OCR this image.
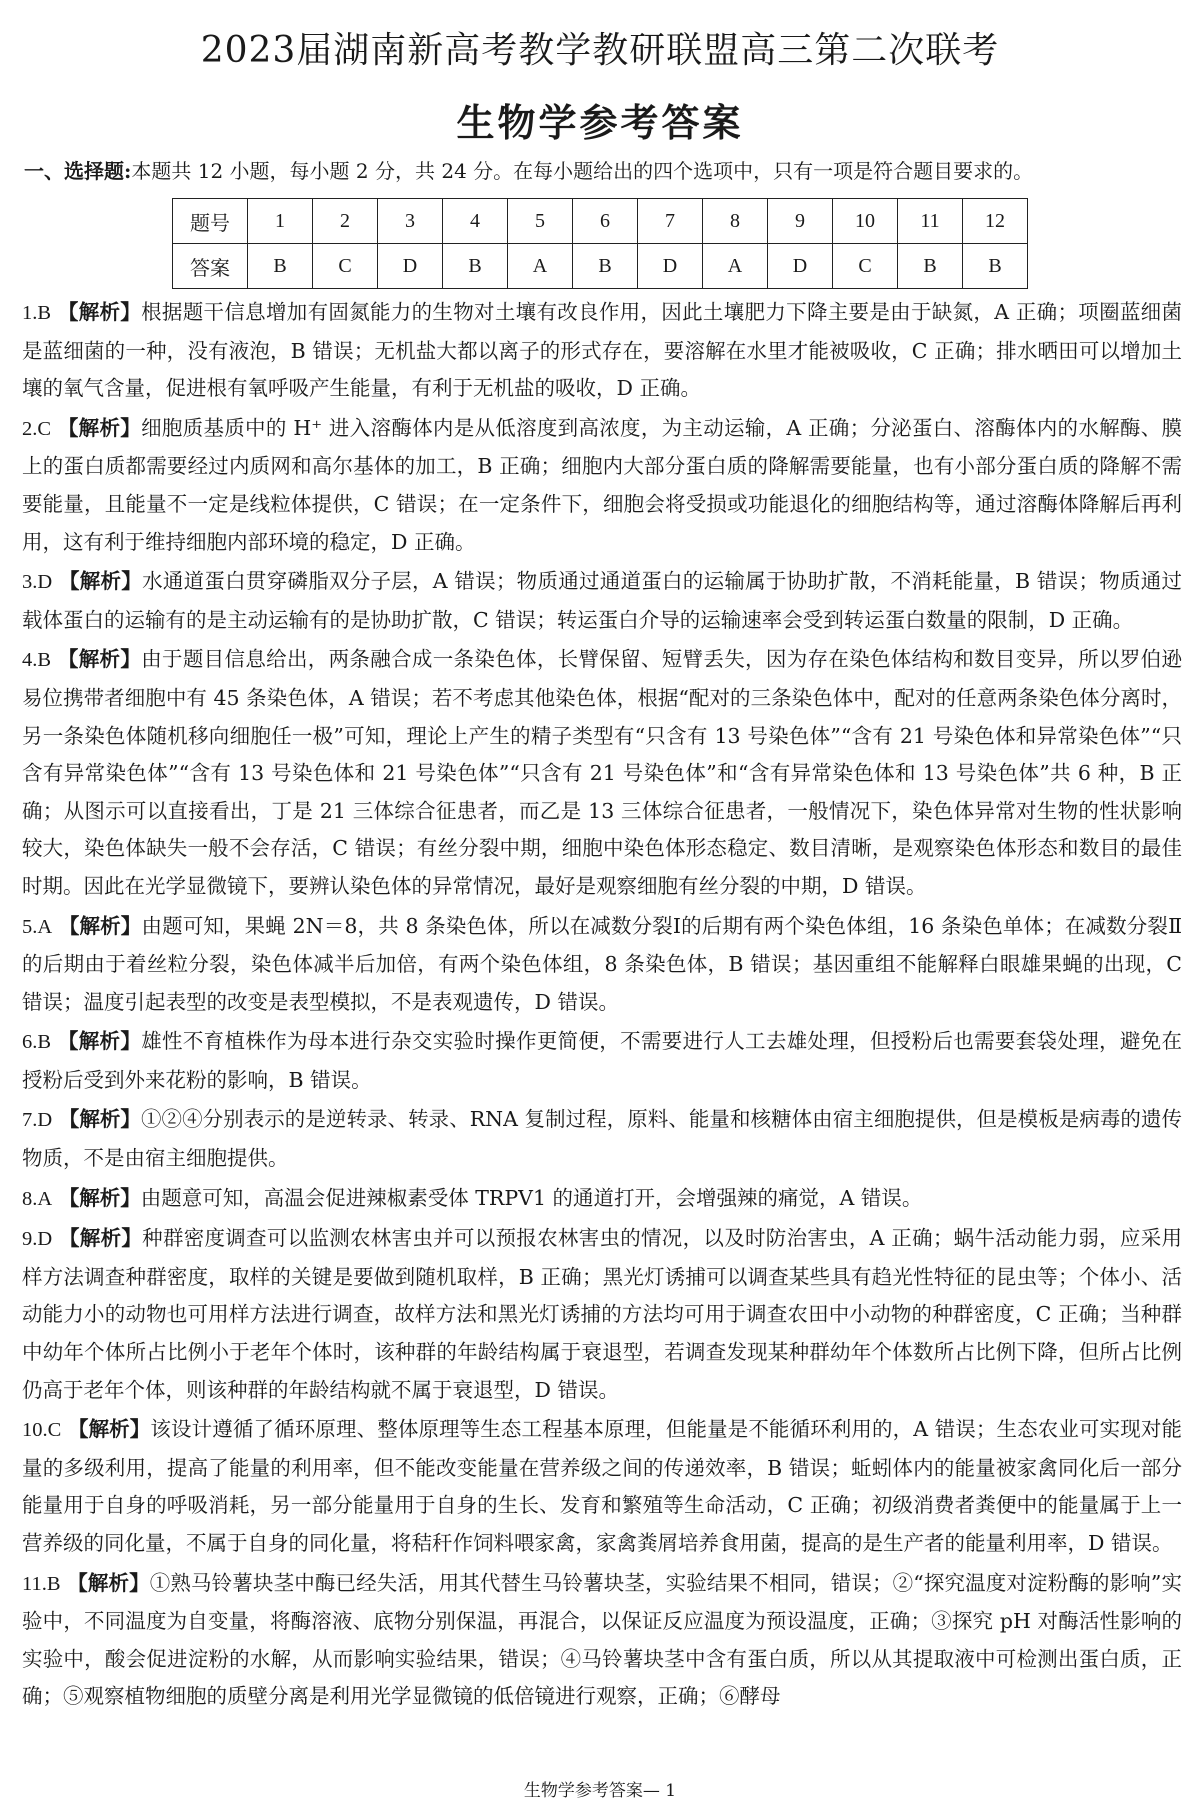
2023届湖南新高考教学教研联盟高三第二次联考
生物学参考答案
一、选择题:本题共 12 小题，每小题 2 分，共 24 分。在每小题给出的四个选项中，只有一项是符合题目要求的。
题号	1	2	3	4	5	6	7	8	9	10	11	12
答案	B	C	D	B	A	B	D	A	D	C	B	B
1.B 【解析】根据题干信息增加有固氮能力的生物对土壤有改良作用，因此土壤肥力下降主要是由于缺氮，A 正确；项圈蓝细菌是蓝细菌的一种，没有液泡，B 错误；无机盐大都以离子的形式存在，要溶解在水里才能被吸收，C 正确；排水晒田可以增加土壤的氧气含量，促进根有氧呼吸产生能量，有利于无机盐的吸收，D 正确。
2.C 【解析】细胞质基质中的 H⁺ 进入溶酶体内是从低溶度到高浓度，为主动运输，A 正确；分泌蛋白、溶酶体内的水解酶、膜上的蛋白质都需要经过内质网和高尔基体的加工，B 正确；细胞内大部分蛋白质的降解需要能量，也有小部分蛋白质的降解不需要能量，且能量不一定是线粒体提供，C 错误；在一定条件下，细胞会将受损或功能退化的细胞结构等，通过溶酶体降解后再利用，这有利于维持细胞内部环境的稳定，D 正确。
3.D 【解析】水通道蛋白贯穿磷脂双分子层，A 错误；物质通过通道蛋白的运输属于协助扩散，不消耗能量，B 错误；物质通过载体蛋白的运输有的是主动运输有的是协助扩散，C 错误；转运蛋白介导的运输速率会受到转运蛋白数量的限制，D 正确。
4.B 【解析】由于题目信息给出，两条融合成一条染色体，长臂保留、短臂丢失，因为存在染色体结构和数目变异，所以罗伯逊易位携带者细胞中有 45 条染色体，A 错误；若不考虑其他染色体，根据“配对的三条染色体中，配对的任意两条染色体分离时，另一条染色体随机移向细胞任一极”可知，理论上产生的精子类型有“只含有 13 号染色体”“含有 21 号染色体和异常染色体”“只含有异常染色体”“含有 13 号染色体和 21 号染色体”“只含有 21 号染色体”和“含有异常染色体和 13 号染色体”共 6 种，B 正确；从图示可以直接看出，丁是 21 三体综合征患者，而乙是 13 三体综合征患者，一般情况下，染色体异常对生物的性状影响较大，染色体缺失一般不会存活，C 错误；有丝分裂中期，细胞中染色体形态稳定、数目清晰，是观察染色体形态和数目的最佳时期。因此在光学显微镜下，要辨认染色体的异常情况，最好是观察细胞有丝分裂的中期，D 错误。
5.A 【解析】由题可知，果蝇 2N＝8，共 8 条染色体，所以在减数分裂Ⅰ的后期有两个染色体组，16 条染色单体；在减数分裂Ⅱ的后期由于着丝粒分裂，染色体减半后加倍，有两个染色体组，8 条染色体，B 错误；基因重组不能解释白眼雄果蝇的出现，C 错误；温度引起表型的改变是表型模拟，不是表观遗传，D 错误。
6.B 【解析】雄性不育植株作为母本进行杂交实验时操作更简便，不需要进行人工去雄处理，但授粉后也需要套袋处理，避免在授粉后受到外来花粉的影响，B 错误。
7.D 【解析】①②④分别表示的是逆转录、转录、RNA 复制过程，原料、能量和核糖体由宿主细胞提供，但是模板是病毒的遗传物质，不是由宿主细胞提供。
8.A 【解析】由题意可知，高温会促进辣椒素受体 TRPV1 的通道打开，会增强辣的痛觉，A 错误。
9.D 【解析】种群密度调查可以监测农林害虫并可以预报农林害虫的情况，以及时防治害虫，A 正确；蜗牛活动能力弱，应采用样方法调查种群密度，取样的关键是要做到随机取样，B 正确；黑光灯诱捕可以调查某些具有趋光性特征的昆虫等；个体小、活动能力小的动物也可用样方法进行调查，故样方法和黑光灯诱捕的方法均可用于调查农田中小动物的种群密度，C 正确；当种群中幼年个体所占比例小于老年个体时，该种群的年龄结构属于衰退型，若调查发现某种群幼年个体数所占比例下降，但所占比例仍高于老年个体，则该种群的年龄结构就不属于衰退型，D 错误。
10.C 【解析】该设计遵循了循环原理、整体原理等生态工程基本原理，但能量是不能循环利用的，A 错误；生态农业可实现对能量的多级利用，提高了能量的利用率，但不能改变能量在营养级之间的传递效率，B 错误；蚯蚓体内的能量被家禽同化后一部分能量用于自身的呼吸消耗，另一部分能量用于自身的生长、发育和繁殖等生命活动，C 正确；初级消费者粪便中的能量属于上一营养级的同化量，不属于自身的同化量，将秸秆作饲料喂家禽，家禽粪屑培养食用菌，提高的是生产者的能量利用率，D 错误。
11.B 【解析】①熟马铃薯块茎中酶已经失活，用其代替生马铃薯块茎，实验结果不相同，错误；②“探究温度对淀粉酶的影响”实验中，不同温度为自变量，将酶溶液、底物分别保温，再混合，以保证反应温度为预设温度，正确；③探究 pH 对酶活性影响的实验中，酸会促进淀粉的水解，从而影响实验结果，错误；④马铃薯块茎中含有蛋白质，所以从其提取液中可检测出蛋白质，正确；⑤观察植物细胞的质壁分离是利用光学显微镜的低倍镜进行观察，正确；⑥酵母
生物学参考答案— 1
